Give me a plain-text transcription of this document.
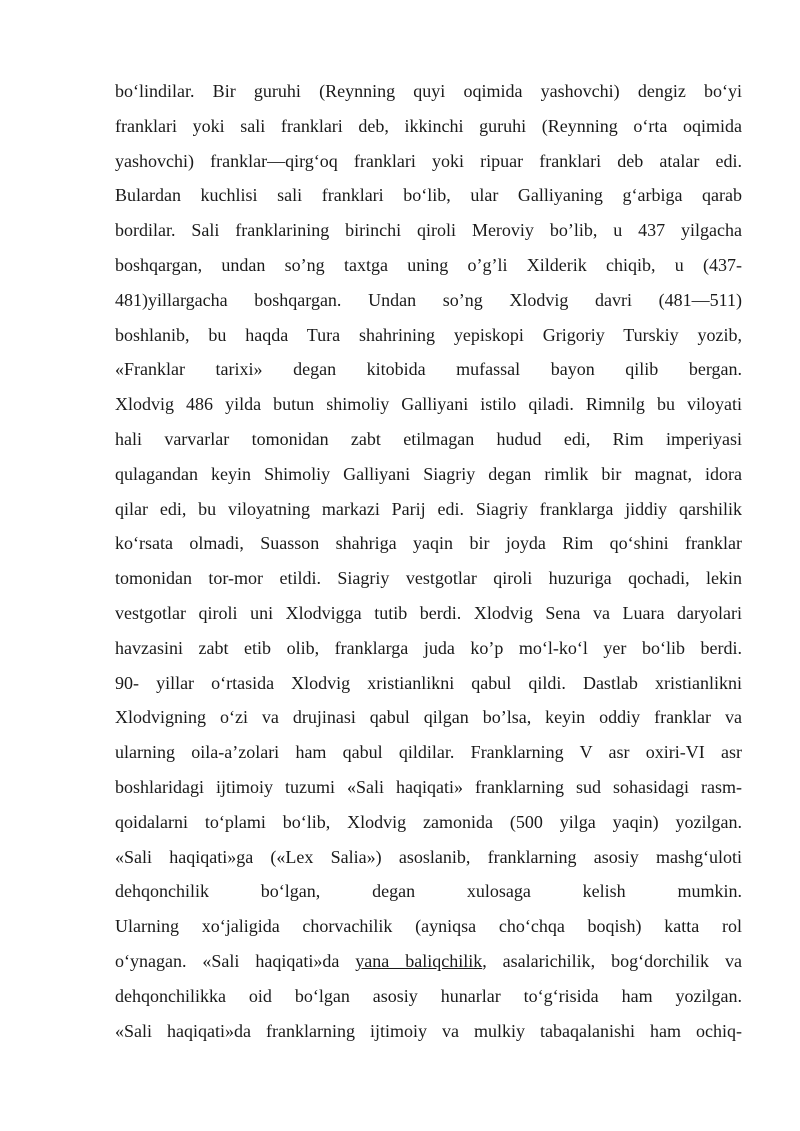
bo‘lindilar. Bir guruhi (Reynning quyi oqimida yashovchi) dengiz bo‘yi
franklari yoki sali franklari deb, ikkinchi guruhi (Reynning o‘rta oqimida
yashovchi) franklar—qirg‘oq franklari yoki ripuar franklari deb atalar edi.
Bulardan kuchlisi sali franklari bo‘lib, ular Galliyaning g‘arbiga qarab
bordilar. Sali franklarining birinchi qiroli Meroviy bo’lib, u 437 yilgacha
boshqargan, undan so’ng taxtga uning o’g’li Xilderik chiqib, u (437-
481)yillargacha boshqargan. Undan so’ng Xlodvig davri (481—511)
boshlanib, bu haqda Tura shahrining yepiskopi Grigoriy Turskiy yozib,
«Franklar tarixi» degan kitobida mufassal bayon qilib bergan.
Xlodvig 486 yilda butun shimoliy Galliyani istilo qiladi. Rimnilg bu viloyati
hali varvarlar tomonidan zabt etilmagan hudud edi, Rim imperiyasi
qulagandan keyin Shimoliy Galliyani Siagriy degan rimlik bir magnat, idora
qilar edi, bu viloyatning markazi Parij edi. Siagriy franklarga jiddiy qarshilik
ko‘rsata olmadi, Suasson shahriga yaqin bir joyda Rim qo‘shini franklar
tomonidan tor-mor etildi. Siagriy vestgotlar qiroli huzuriga qochadi, lekin
vestgotlar qiroli uni Xlodvigga tutib berdi. Xlodvig Sena va Luara daryolari
havzasini zabt etib olib, franklarga juda ko’p mo‘l-ko‘l yer bo‘lib berdi.
90- yillar o‘rtasida Xlodvig xristianlikni qabul qildi. Dastlab xristianlikni
Xlodvigning o‘zi va drujinasi qabul qilgan bo’lsa, keyin oddiy franklar va
ularning oila-a’zolari ham qabul qildilar. Franklarning V asr oxiri-VI asr
boshlaridagi ijtimoiy tuzumi «Sali haqiqati» franklarning sud sohasidagi rasm-
qoidalarni to‘plami bo‘lib, Xlodvig zamonida (500 yilga yaqin) yozilgan.
«Sali haqiqati»ga («Lex Salia») asoslanib, franklarning asosiy mashg‘uloti
dehqonchilik bo‘lgan, degan xulosaga kelish mumkin.
Ularning xo‘jaligida chorvachilik (ayniqsa cho‘chqa boqish) katta rol
o‘ynagan. «Sali haqiqati»da yana baliqchilik, asalarichilik, bog‘dorchilik va
dehqonchilikka oid bo‘lgan asosiy hunarlar to‘g‘risida ham yozilgan.
«Sali haqiqati»da franklarning ijtimoiy va mulkiy tabaqalanishi ham ochiq-
